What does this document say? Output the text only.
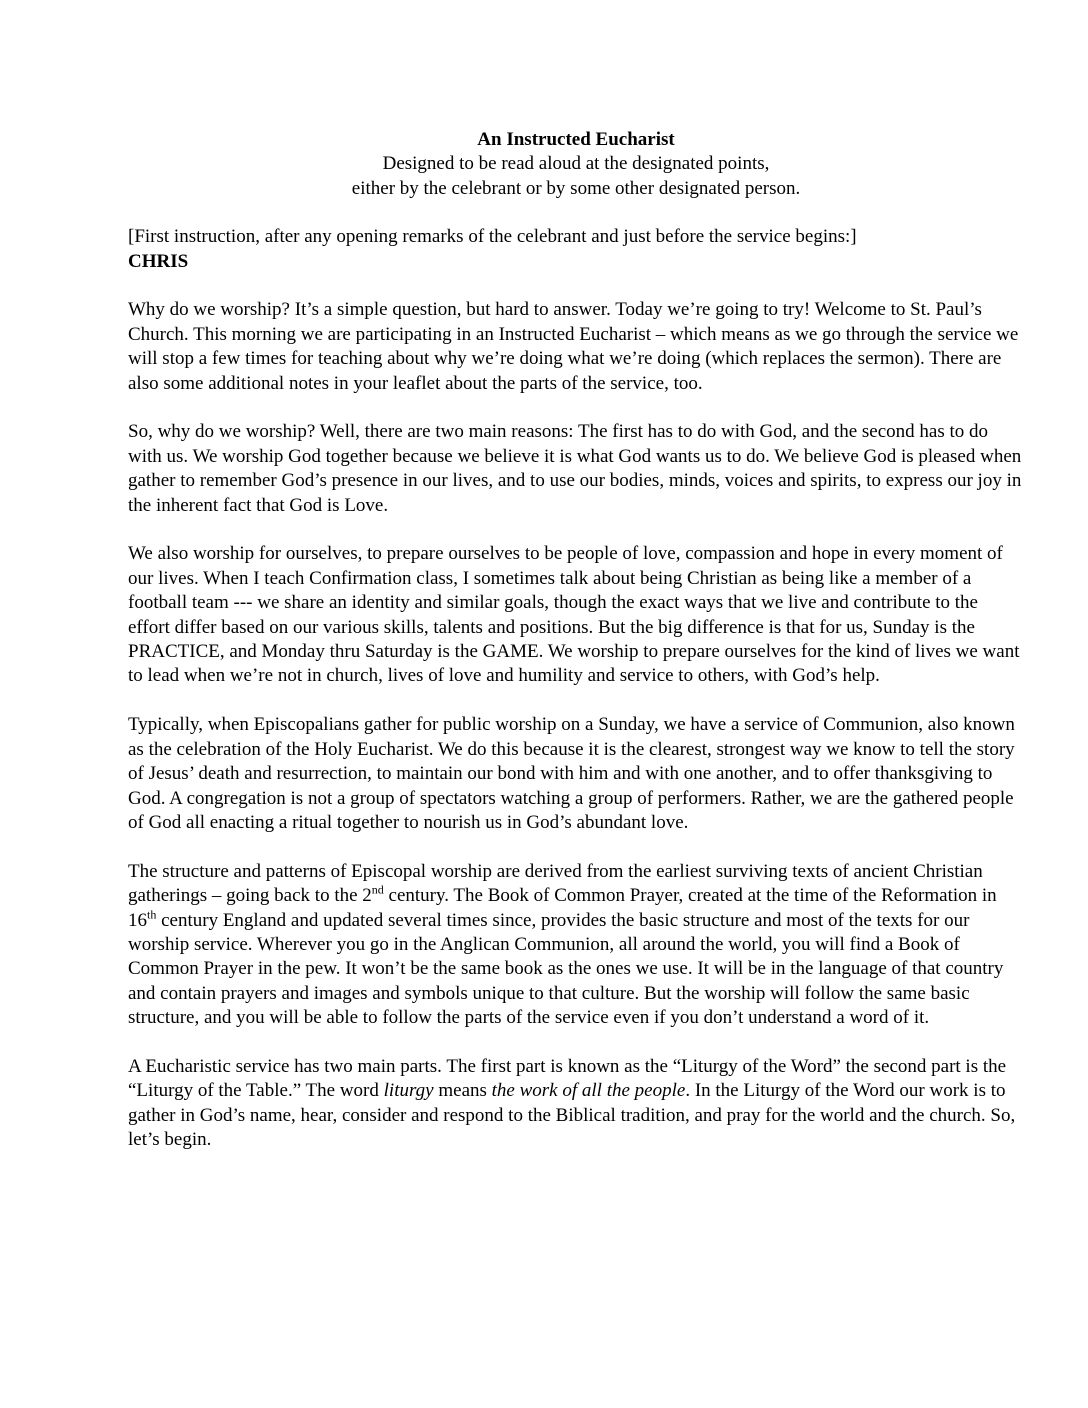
An Instructed Eucharist
Designed to be read aloud at the designated points,
either by the celebrant or by some other designated person.
[First instruction, after any opening remarks of the celebrant and just before the service begins:]
CHRIS

Why do we worship? It’s a simple question, but hard to answer. Today we’re going to try! Welcome to St. Paul’s Church. This morning we are participating in an Instructed Eucharist – which means as we go through the service we will stop a few times for teaching about why we’re doing what we’re doing (which replaces the sermon). There are also some additional notes in your leaflet about the parts of the service, too.

So, why do we worship? Well, there are two main reasons: The first has to do with God, and the second has to do with us. We worship God together because we believe it is what God wants us to do. We believe God is pleased when gather to remember God’s presence in our lives, and to use our bodies, minds, voices and spirits, to express our joy in the inherent fact that God is Love.

We also worship for ourselves, to prepare ourselves to be people of love, compassion and hope in every moment of our lives. When I teach Confirmation class, I sometimes talk about being Christian as being like a member of a football team --- we share an identity and similar goals, though the exact ways that we live and contribute to the effort differ based on our various skills, talents and positions. But the big difference is that for us, Sunday is the PRACTICE, and Monday thru Saturday is the GAME. We worship to prepare ourselves for the kind of lives we want to lead when we’re not in church, lives of love and humility and service to others, with God’s help.

Typically, when Episcopalians gather for public worship on a Sunday, we have a service of Communion, also known as the celebration of the Holy Eucharist. We do this because it is the clearest, strongest way we know to tell the story of Jesus’ death and resurrection, to maintain our bond with him and with one another, and to offer thanksgiving to God. A congregation is not a group of spectators watching a group of performers. Rather, we are the gathered people of God all enacting a ritual together to nourish us in God’s abundant love.

The structure and patterns of Episcopal worship are derived from the earliest surviving texts of ancient Christian gatherings – going back to the 2nd century. The Book of Common Prayer, created at the time of the Reformation in 16th century England and updated several times since, provides the basic structure and most of the texts for our worship service. Wherever you go in the Anglican Communion, all around the world, you will find a Book of Common Prayer in the pew. It won’t be the same book as the ones we use. It will be in the language of that country and contain prayers and images and symbols unique to that culture. But the worship will follow the same basic structure, and you will be able to follow the parts of the service even if you don’t understand a word of it.

A Eucharistic service has two main parts. The first part is known as the “Liturgy of the Word” the second part is the “Liturgy of the Table.” The word liturgy means the work of all the people. In the Liturgy of the Word our work is to gather in God’s name, hear, consider and respond to the Biblical tradition, and pray for the world and the church. So, let’s begin.
